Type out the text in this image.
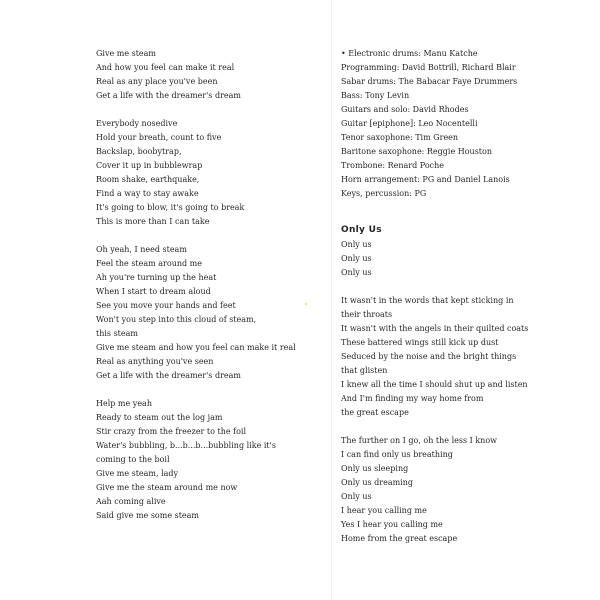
Give me steam
And how you feel can make it real
Real as any place you've been
Get a life with the dreamer's dream
Everybody nosedive
Hold your breath, count to five
Backslap, boobytrap,
Cover it up in bubblewrap
Room shake, earthquake,
Find a way to stay awake
It's going to blow, it's going to break
This is more than I can take
Oh yeah, I need steam
Feel the steam around me
Ah you're turning up the heat
When I start to dream aloud
See you move your hands and feet
Won't you step into this cloud of steam,
this steam
Give me steam and how you feel can make it real
Real as anything you've seen
Get a life with the dreamer's dream
Help me yeah
Ready to steam out the log jam
Stir crazy from the freezer to the foil
Water's bubbling, b...b...b...bubbling like it's
coming to the boil
Give me steam, lady
Give me the steam around me now
Aah coming alive
Said give me some steam
• Electronic drums: Manu Katche
Programming: David Bottrill, Richard Blair
Sabar drums: The Babacar Faye Drummers
Bass: Tony Levin
Guitars and solo: David Rhodes
Guitar [epiphone]: Leo Nocentelli
Tenor saxophone: Tim Green
Baritone saxophone: Reggie Houston
Trombone: Renard Poche
Horn arrangement: PG and Daniel Lanois
Keys, percussion: PG
Only Us
Only us
Only us
Only us
It wasn't in the words that kept sticking in
their throats
It wasn't with the angels in their quilted coats
These battered wings still kick up dust
Seduced by the noise and the bright things
that glisten
I knew all the time I should shut up and listen
And I'm finding my way home from
the great escape
The further on I go, oh the less I know
I can find only us breathing
Only us sleeping
Only us dreaming
Only us
I hear you calling me
Yes I hear you calling me
Home from the great escape
